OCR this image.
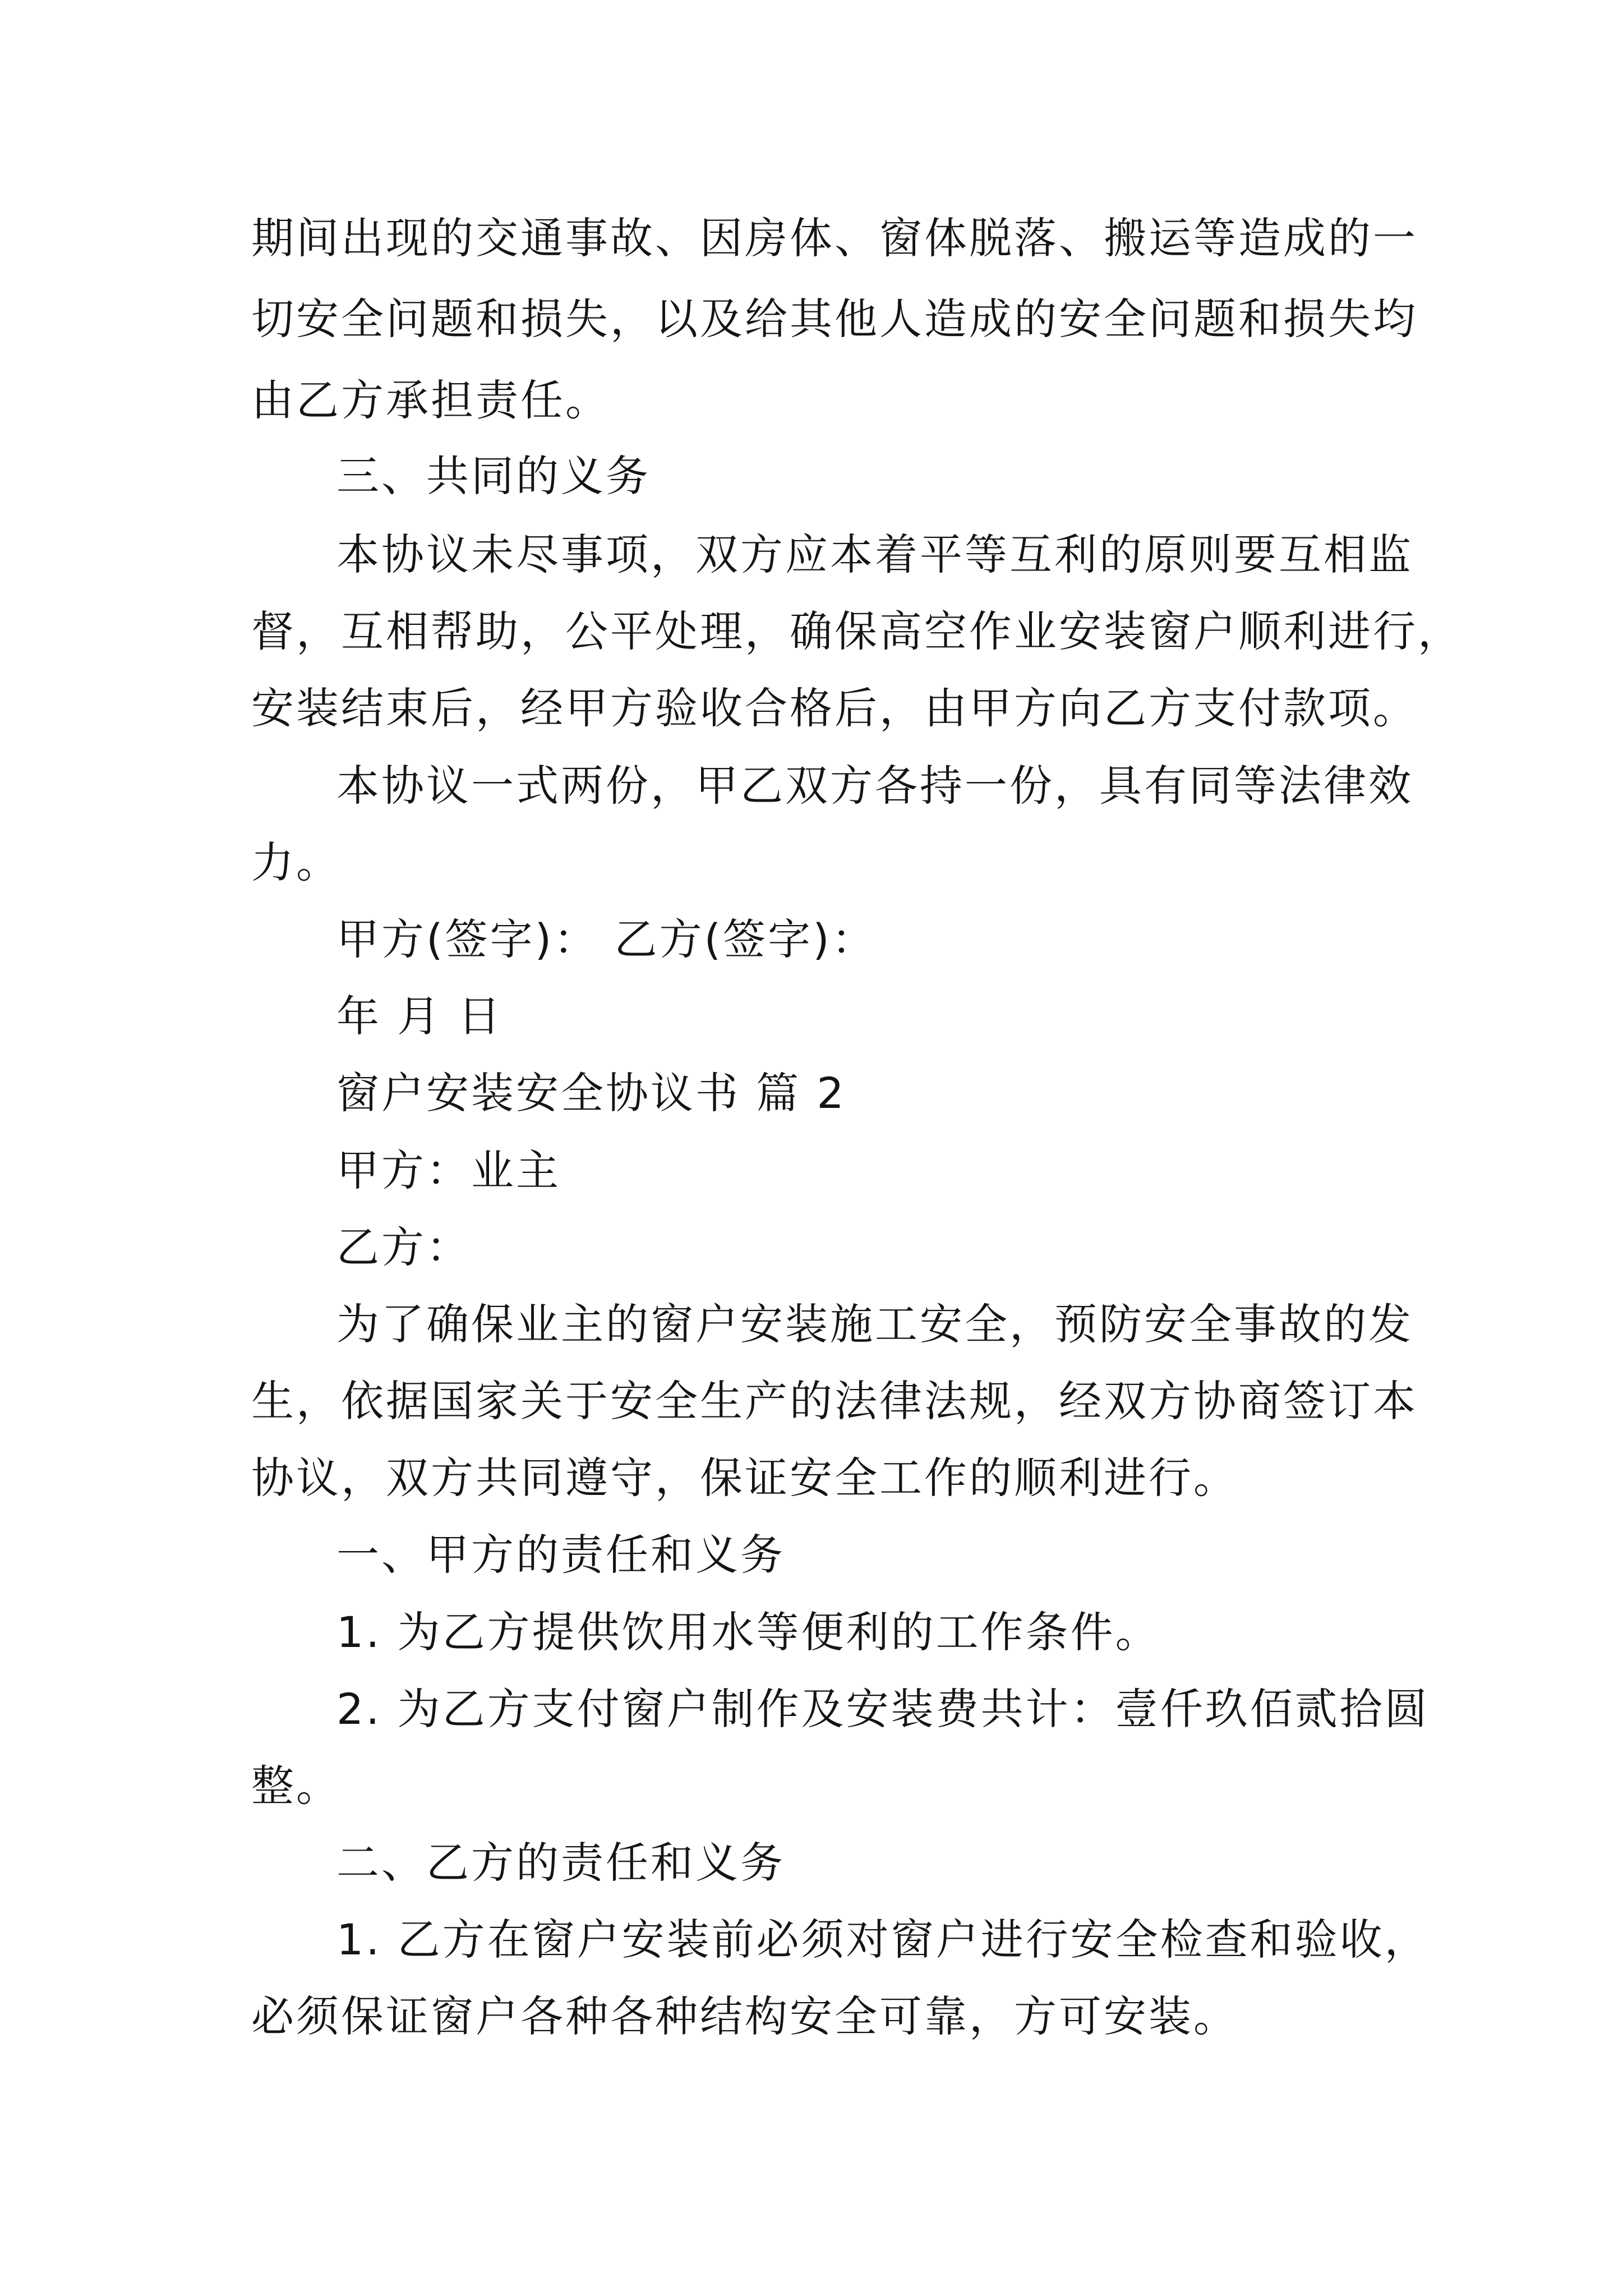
期间出现的交通事故、因房体、窗体脱落、搬运等造成的一
切安全问题和损失，以及给其他人造成的安全问题和损失均
由乙方承担责任。
三、共同的义务
本协议未尽事项，双方应本着平等互利的原则要互相监
督，互相帮助，公平处理，确保高空作业安装窗户顺利进行，
安装结束后，经甲方验收合格后，由甲方向乙方支付款项。
本协议一式两份，甲乙双方各持一份，具有同等法律效
力。
甲方(签字)： 乙方(签字)：
年 月 日
窗户安装安全协议书 篇 2
甲方：业主
乙方：
为了确保业主的窗户安装施工安全，预防安全事故的发
生，依据国家关于安全生产的法律法规，经双方协商签订本
协议，双方共同遵守，保证安全工作的顺利进行。
一、甲方的责任和义务
1. 为乙方提供饮用水等便利的工作条件。
2. 为乙方支付窗户制作及安装费共计：壹仟玖佰贰拾圆
整。
二、乙方的责任和义务
1. 乙方在窗户安装前必须对窗户进行安全检查和验收，
必须保证窗户各种各种结构安全可靠，方可安装。
